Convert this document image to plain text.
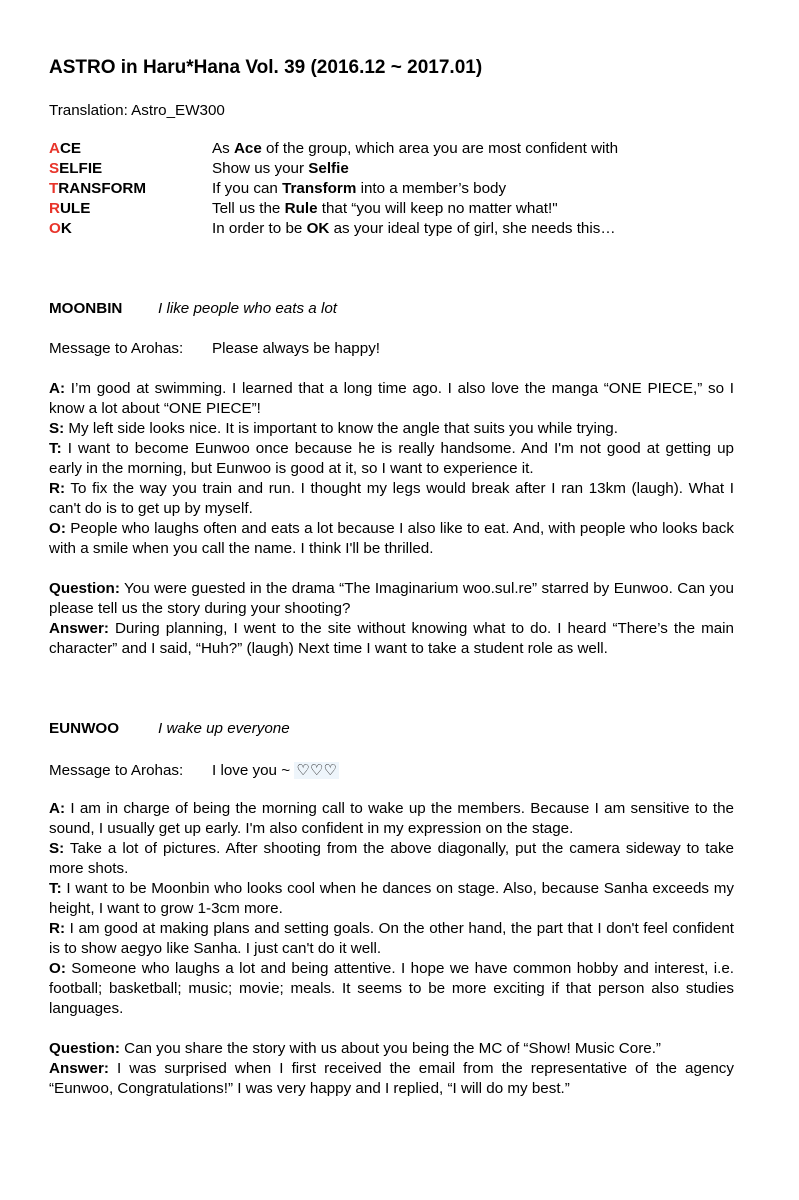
ASTRO in Haru*Hana Vol. 39 (2016.12 ~ 2017.01)

Translation: Astro_EW300

ACE	As Ace of the group, which area you are most confident with
SELFIE	Show us your Selfie
TRANSFORM	If you can Transform into a member’s body
RULE	Tell us the Rule that “you will keep no matter what!"
OK	In order to be OK as your ideal type of girl, she needs this…
MOONBIN	I like people who eats a lot

Message to Arohas: Please always be happy!

A: I’m good at swimming. I learned that a long time ago. I also love the manga “ONE PIECE,” so I know a lot about “ONE PIECE”!

S: My left side looks nice. It is important to know the angle that suits you while trying.

T: I want to become Eunwoo once because he is really handsome. And I'm not good at getting up early in the morning, but Eunwoo is good at it, so I want to experience it.

R: To fix the way you train and run. I thought my legs would break after I ran 13km (laugh). What I can't do is to get up by myself.

O: People who laughs often and eats a lot because I also like to eat. And, with people who looks back with a smile when you call the name. I think I'll be thrilled.

Question: You were guested in the drama “The Imaginarium woo.sul.re” starred by Eunwoo. Can you please tell us the story during your shooting?

Answer: During planning, I went to the site without knowing what to do. I heard “There’s the main character” and I said, “Huh?” (laugh) Next time I want to take a student role as well.

EUNWOO	I wake up everyone

Message to Arohas: I love you ~ ♡♡♡

A: I am in charge of being the morning call to wake up the members. Because I am sensitive to the sound, I usually get up early. I'm also confident in my expression on the stage.

S: Take a lot of pictures. After shooting from the above diagonally, put the camera sideway to take more shots.

T: I want to be Moonbin who looks cool when he dances on stage. Also, because Sanha exceeds my height, I want to grow 1-3cm more.

R: I am good at making plans and setting goals. On the other hand, the part that I don't feel confident is to show aegyo like Sanha. I just can't do it well.

O: Someone who laughs a lot and being attentive. I hope we have common hobby and interest, i.e. football; basketball; music; movie; meals. It seems to be more exciting if that person also studies languages.

Question: Can you share the story with us about you being the MC of “Show! Music Core.”

Answer: I was surprised when I first received the email from the representative of the agency “Eunwoo, Congratulations!” I was very happy and I replied, “I will do my best.”
